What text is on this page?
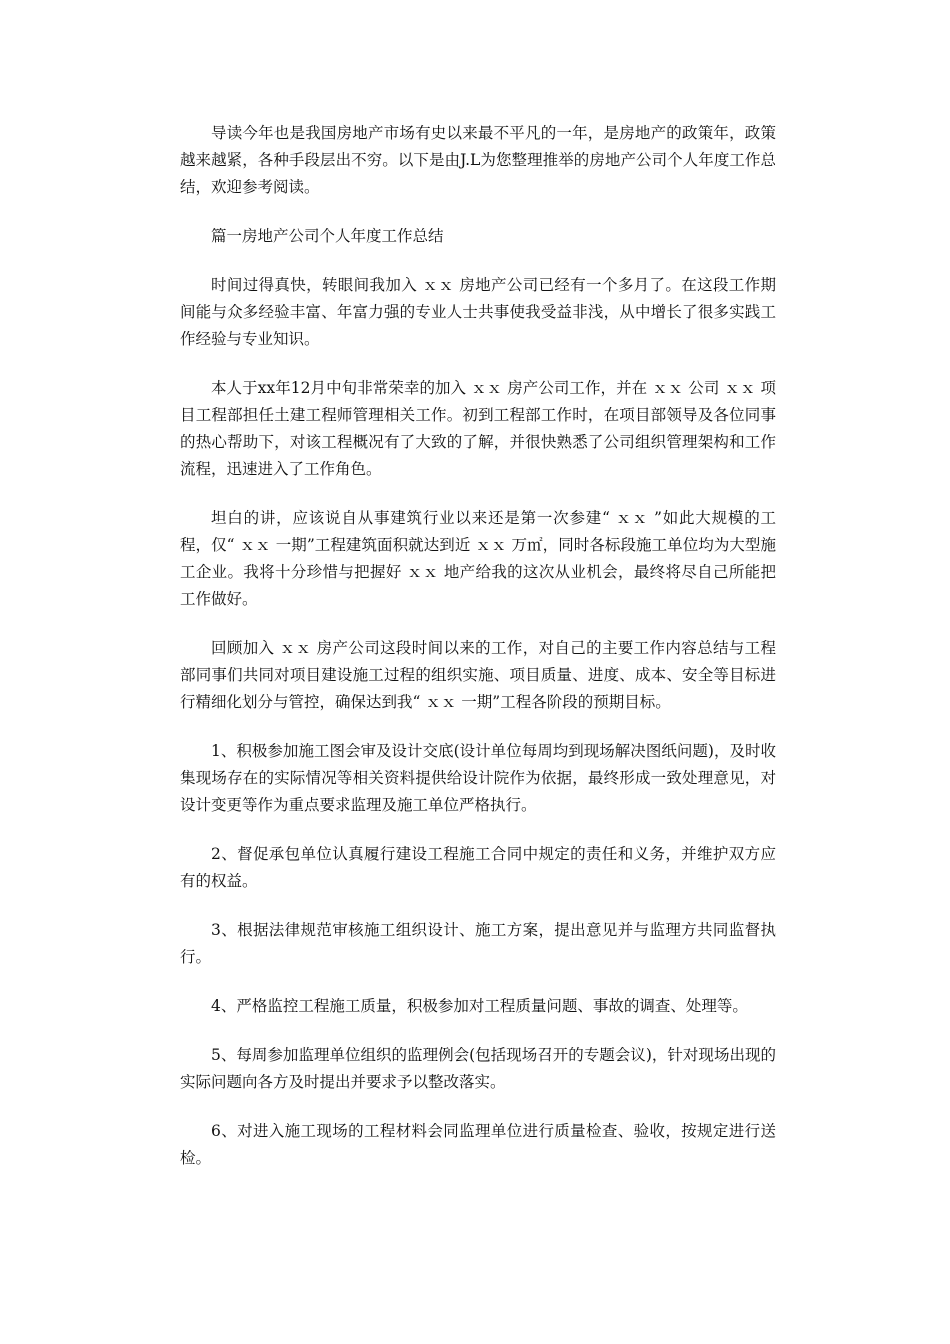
导读今年也是我国房地产市场有史以来最不平凡的一年，是房地产的政策年，政策越来越紧，各种手段层出不穷。以下是由J.L为您整理推举的房地产公司个人年度工作总结，欢迎参考阅读。

篇一房地产公司个人年度工作总结

时间过得真快，转眼间我加入 ｘｘ 房地产公司已经有一个多月了。在这段工作期间能与众多经验丰富、年富力强的专业人士共事使我受益非浅，从中增长了很多实践工作经验与专业知识。

本人于xx年12月中旬非常荣幸的加入 ｘｘ 房产公司工作，并在 ｘｘ 公司 ｘｘ 项目工程部担任土建工程师管理相关工作。初到工程部工作时，在项目部领导及各位同事的热心帮助下，对该工程概况有了大致的了解，并很快熟悉了公司组织管理架构和工作流程，迅速进入了工作角色。

坦白的讲，应该说自从事建筑行业以来还是第一次参建“ ｘｘ ”如此大规模的工程，仅“ ｘｘ 一期”工程建筑面积就达到近 ｘｘ 万㎡，同时各标段施工单位均为大型施工企业。我将十分珍惜与把握好 ｘｘ 地产给我的这次从业机会，最终将尽自己所能把工作做好。

回顾加入 ｘｘ 房产公司这段时间以来的工作，对自己的主要工作内容总结与工程部同事们共同对项目建设施工过程的组织实施、项目质量、进度、成本、安全等目标进行精细化划分与管控，确保达到我“ ｘｘ 一期”工程各阶段的预期目标。

1、积极参加施工图会审及设计交底(设计单位每周均到现场解决图纸问题)，及时收集现场存在的实际情况等相关资料提供给设计院作为依据，最终形成一致处理意见，对设计变更等作为重点要求监理及施工单位严格执行。

2、督促承包单位认真履行建设工程施工合同中规定的责任和义务，并维护双方应有的权益。

3、根据法律规范审核施工组织设计、施工方案，提出意见并与监理方共同监督执行。

4、严格监控工程施工质量，积极参加对工程质量问题、事故的调查、处理等。

5、每周参加监理单位组织的监理例会(包括现场召开的专题会议)，针对现场出现的实际问题向各方及时提出并要求予以整改落实。

6、对进入施工现场的工程材料会同监理单位进行质量检查、验收，按规定进行送检。
